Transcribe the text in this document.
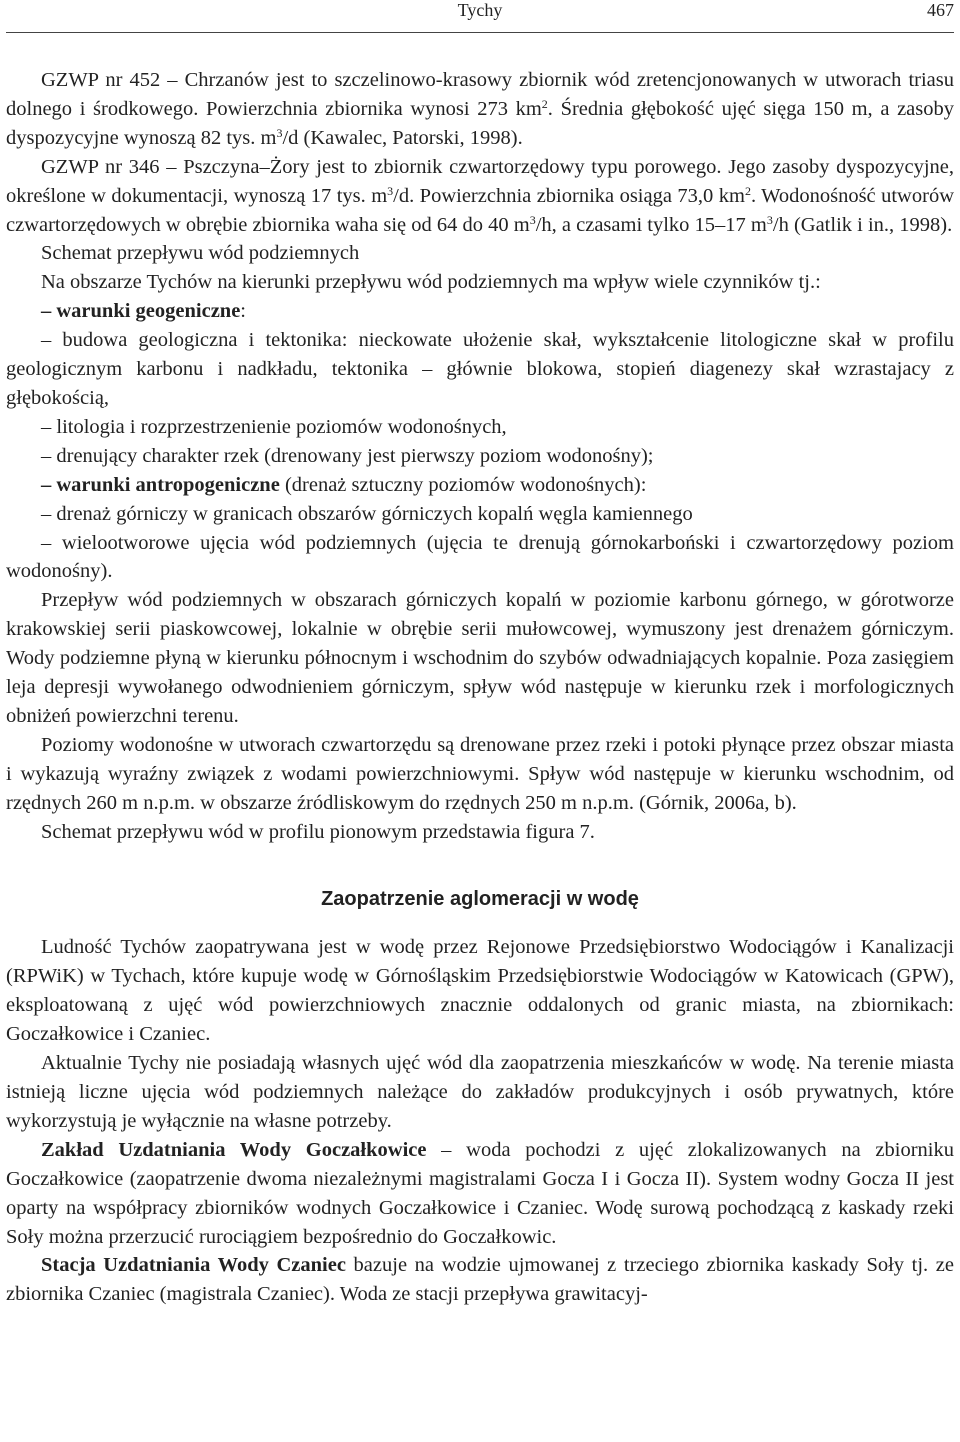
Tychy	467

GZWP nr 452 – Chrzanów jest to szczelinowo-krasowy zbiornik wód zretencjonowanych w utworach triasu dolnego i środkowego. Powierzchnia zbiornika wynosi 273 $km^2$. Średnia głębokość ujęć sięga 150 m, a zasoby dyspozycyjne wynoszą 82 tys. $m^3/d$ (Kawalec, Patorski, 1998).

GZWP nr 346 – Pszczyna–Żory jest to zbiornik czwartorzędowy typu porowego. Jego zasoby dyspozycyjne, określone w dokumentacji, wynoszą 17 tys. $m^3/d$. Powierzchnia zbiornika osiąga 73,0 $km^2$. Wodonośność utworów czwartorzędowych w obrębie zbiornika waha się od 64 do 40 $m^3/h$, a czasami tylko 15–17 $m^3/h$ (Gatlik i in., 1998).

Schemat przepływu wód podziemnych

Na obszarze Tychów na kierunki przepływu wód podziemnych ma wpływ wiele czynników tj.:

– warunki geogeniczne:

– budowa geologiczna i tektonika: nieckowate ułożenie skał, wykształcenie litologiczne skał w profilu geologicznym karbonu i nadkładu, tektonika – głównie blokowa, stopień diagenezy skał wzrastajacy z głębokością,

– litologia i rozprzestrzenienie poziomów wodonośnych,

– drenujący charakter rzek (drenowany jest pierwszy poziom wodonośny);

– warunki antropogeniczne (drenaż sztuczny poziomów wodonośnych):

– drenaż górniczy w granicach obszarów górniczych kopalń węgla kamiennego

– wielootworowe ujęcia wód podziemnych (ujęcia te drenują górnokarboński i czwartorzędowy poziom wodonośny).

Przepływ wód podziemnych w obszarach górniczych kopalń w poziomie karbonu górnego, w górotworze krakowskiej serii piaskowcowej, lokalnie w obrębie serii mułowcowej, wymuszony jest drenażem górniczym. Wody podziemne płyną w kierunku północnym i wschodnim do szybów odwadniających kopalnie. Poza zasięgiem leja depresji wywołanego odwodnieniem górniczym, spływ wód następuje w kierunku rzek i morfologicznych obniżeń powierzchni terenu.

Poziomy wodonośne w utworach czwartorzędu są drenowane przez rzeki i potoki płynące przez obszar miasta i wykazują wyraźny związek z wodami powierzchniowymi. Spływ wód następuje w kierunku wschodnim, od rzędnych 260 m n.p.m. w obszarze źródliskowym do rzędnych 250 m n.p.m. (Górnik, 2006a, b).

Schemat przepływu wód w profilu pionowym przedstawia figura 7.

Zaopatrzenie aglomeracji w wodę

Ludność Tychów zaopatrywana jest w wodę przez Rejonowe Przedsiębiorstwo Wodociągów i Kanalizacji (RPWiK) w Tychach, które kupuje wodę w Górnośląskim Przedsiębiorstwie Wodociągów w Katowicach (GPW), eksploatowaną z ujęć wód powierzchniowych znacznie oddalonych od granic miasta, na zbiornikach: Goczałkowice i Czaniec.

Aktualnie Tychy nie posiadają własnych ujęć wód dla zaopatrzenia mieszkańców w wodę. Na terenie miasta istnieją liczne ujęcia wód podziemnych należące do zakładów produkcyjnych i osób prywatnych, które wykorzystują je wyłącznie na własne potrzeby.

Zakład Uzdatniania Wody Goczałkowice – woda pochodzi z ujęć zlokalizowanych na zbiorniku Goczałkowice (zaopatrzenie dwoma niezależnymi magistralami Gocza I i Gocza II). System wodny Gocza II jest oparty na współpracy zbiorników wodnych Goczałkowice i Czaniec. Wodę surową pochodzącą z kaskady rzeki Soły można przerzucić rurociągiem bezpośrednio do Goczałkowic.

Stacja Uzdatniania Wody Czaniec bazuje na wodzie ujmowanej z trzeciego zbiornika kaskady Soły tj. ze zbiornika Czaniec (magistrala Czaniec). Woda ze stacji przepływa grawitacyj-
